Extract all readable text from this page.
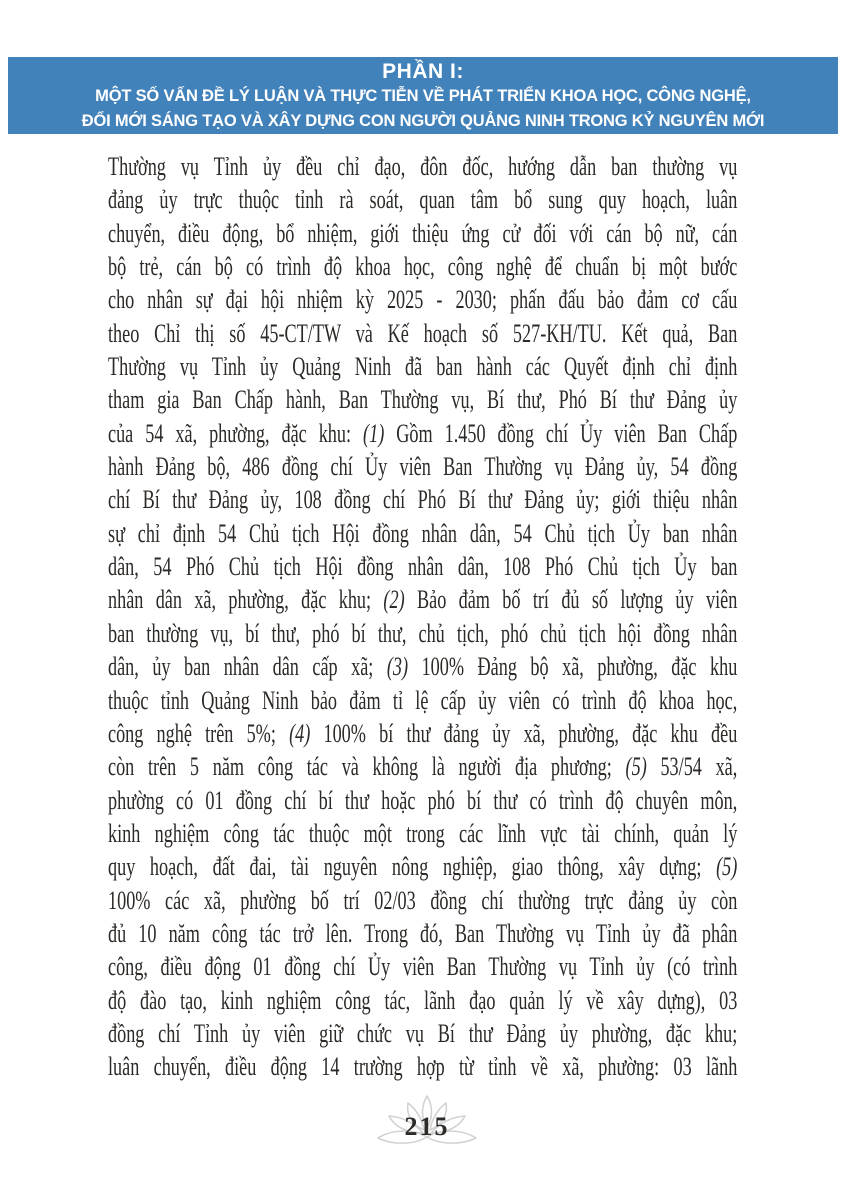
PHẦN I:
MỘT SỐ VẤN ĐỀ LÝ LUẬN VÀ THỰC TIỄN VỀ PHÁT TRIỂN KHOA HỌC, CÔNG NGHỆ,
ĐỔI MỚI SÁNG TẠO VÀ XÂY DỰNG CON NGƯỜI QUẢNG NINH TRONG KỶ NGUYÊN MỚI
Thường vụ Tỉnh ủy đều chỉ đạo, đôn đốc, hướng dẫn ban thường vụ
đảng ủy trực thuộc tỉnh rà soát, quan tâm bổ sung quy hoạch, luân
chuyển, điều động, bổ nhiệm, giới thiệu ứng cử đối với cán bộ nữ, cán
bộ trẻ, cán bộ có trình độ khoa học, công nghệ để chuẩn bị một bước
cho nhân sự đại hội nhiệm kỳ 2025 - 2030; phấn đấu bảo đảm cơ cấu
theo Chỉ thị số 45-CT/TW và Kế hoạch số 527-KH/TU. Kết quả, Ban
Thường vụ Tỉnh ủy Quảng Ninh đã ban hành các Quyết định chỉ định
tham gia Ban Chấp hành, Ban Thường vụ, Bí thư, Phó Bí thư Đảng ủy
của 54 xã, phường, đặc khu: (1) Gồm 1.450 đồng chí Ủy viên Ban Chấp
hành Đảng bộ, 486 đồng chí Ủy viên Ban Thường vụ Đảng ủy, 54 đồng
chí Bí thư Đảng ủy, 108 đồng chí Phó Bí thư Đảng ủy; giới thiệu nhân
sự chỉ định 54 Chủ tịch Hội đồng nhân dân, 54 Chủ tịch Ủy ban nhân
dân, 54 Phó Chủ tịch Hội đồng nhân dân, 108 Phó Chủ tịch Ủy ban
nhân dân xã, phường, đặc khu; (2) Bảo đảm bố trí đủ số lượng ủy viên
ban thường vụ, bí thư, phó bí thư, chủ tịch, phó chủ tịch hội đồng nhân
dân, ủy ban nhân dân cấp xã; (3) 100% Đảng bộ xã, phường, đặc khu
thuộc tỉnh Quảng Ninh bảo đảm tỉ lệ cấp ủy viên có trình độ khoa học,
công nghệ trên 5%; (4) 100% bí thư đảng ủy xã, phường, đặc khu đều
còn trên 5 năm công tác và không là người địa phương; (5) 53/54 xã,
phường có 01 đồng chí bí thư hoặc phó bí thư có trình độ chuyên môn,
kinh nghiệm công tác thuộc một trong các lĩnh vực tài chính, quản lý
quy hoạch, đất đai, tài nguyên nông nghiệp, giao thông, xây dựng; (5)
100% các xã, phường bố trí 02/03 đồng chí thường trực đảng ủy còn
đủ 10 năm công tác trở lên. Trong đó, Ban Thường vụ Tỉnh ủy đã phân
công, điều động 01 đồng chí Ủy viên Ban Thường vụ Tỉnh ủy (có trình
độ đào tạo, kinh nghiệm công tác, lãnh đạo quản lý về xây dựng), 03
đồng chí Tỉnh ủy viên giữ chức vụ Bí thư Đảng ủy phường, đặc khu;
luân chuyển, điều động 14 trường hợp từ tỉnh về xã, phường: 03 lãnh
215
